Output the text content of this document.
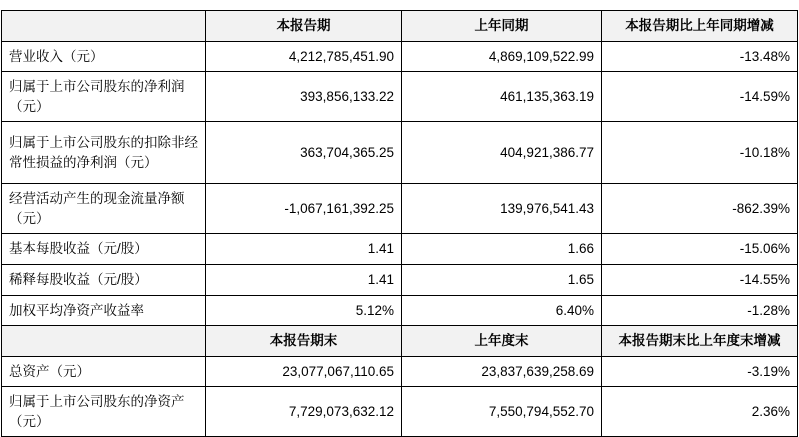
	本报告期	上年同期	本报告期比上年同期增减
营业收入（元）	4,212,785,451.90	4,869,109,522.99	-13.48%
归属于上市公司股东的净利润（元）	393,856,133.22	461,135,363.19	-14.59%
归属于上市公司股东的扣除非经常性损益的净利润（元）	363,704,365.25	404,921,386.77	-10.18%
经营活动产生的现金流量净额（元）	-1,067,161,392.25	139,976,541.43	-862.39%
基本每股收益（元/股）	1.41	1.66	-15.06%
稀释每股收益（元/股）	1.41	1.65	-14.55%
加权平均净资产收益率	5.12%	6.40%	-1.28%
	本报告期末	上年度末	本报告期末比上年度末增减
总资产（元）	23,077,067,110.65	23,837,639,258.69	-3.19%
归属于上市公司股东的净资产（元）	7,729,073,632.12	7,550,794,552.70	2.36%
